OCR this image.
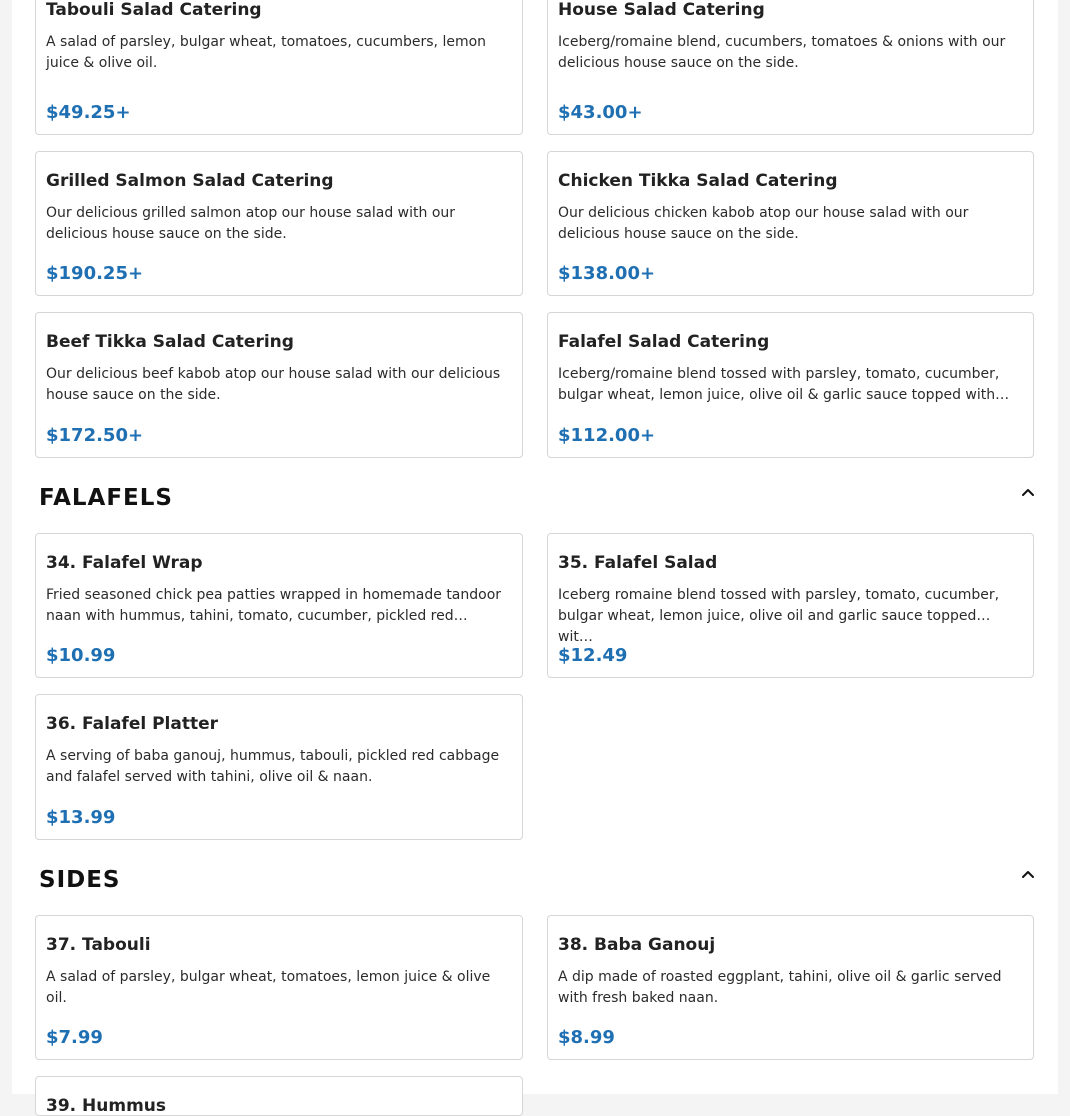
Tabouli Salad Catering
A salad of parsley, bulgar wheat, tomatoes, cucumbers, lemon juice & olive oil.
$49.25+
House Salad Catering
Iceberg/romaine blend, cucumbers, tomatoes & onions with our delicious house sauce on the side.
$43.00+
Grilled Salmon Salad Catering
Our delicious grilled salmon atop our house salad with our delicious house sauce on the side.
$190.25+
Chicken Tikka Salad Catering
Our delicious chicken kabob atop our house salad with our delicious house sauce on the side.
$138.00+
Beef Tikka Salad Catering
Our delicious beef kabob atop our house salad with our delicious house sauce on the side.
$172.50+
Falafel Salad Catering
Iceberg/romaine blend tossed with parsley, tomato, cucumber, bulgar wheat, lemon juice, olive oil & garlic sauce topped with…
$112.00+
FALAFELS
34. Falafel Wrap
Fried seasoned chick pea patties wrapped in homemade tandoor naan with hummus, tahini, tomato, cucumber, pickled red…
$10.99
35. Falafel Salad
Iceberg romaine blend tossed with parsley, tomato, cucumber, bulgar wheat, lemon juice, olive oil and garlic sauce topped wit…
$12.49
36. Falafel Platter
A serving of baba ganouj, hummus, tabouli, pickled red cabbage and falafel served with tahini, olive oil & naan.
$13.99
SIDES
37. Tabouli
A salad of parsley, bulgar wheat, tomatoes, lemon juice & olive oil.
$7.99
38. Baba Ganouj
A dip made of roasted eggplant, tahini, olive oil & garlic served with fresh baked naan.
$8.99
39. Hummus
